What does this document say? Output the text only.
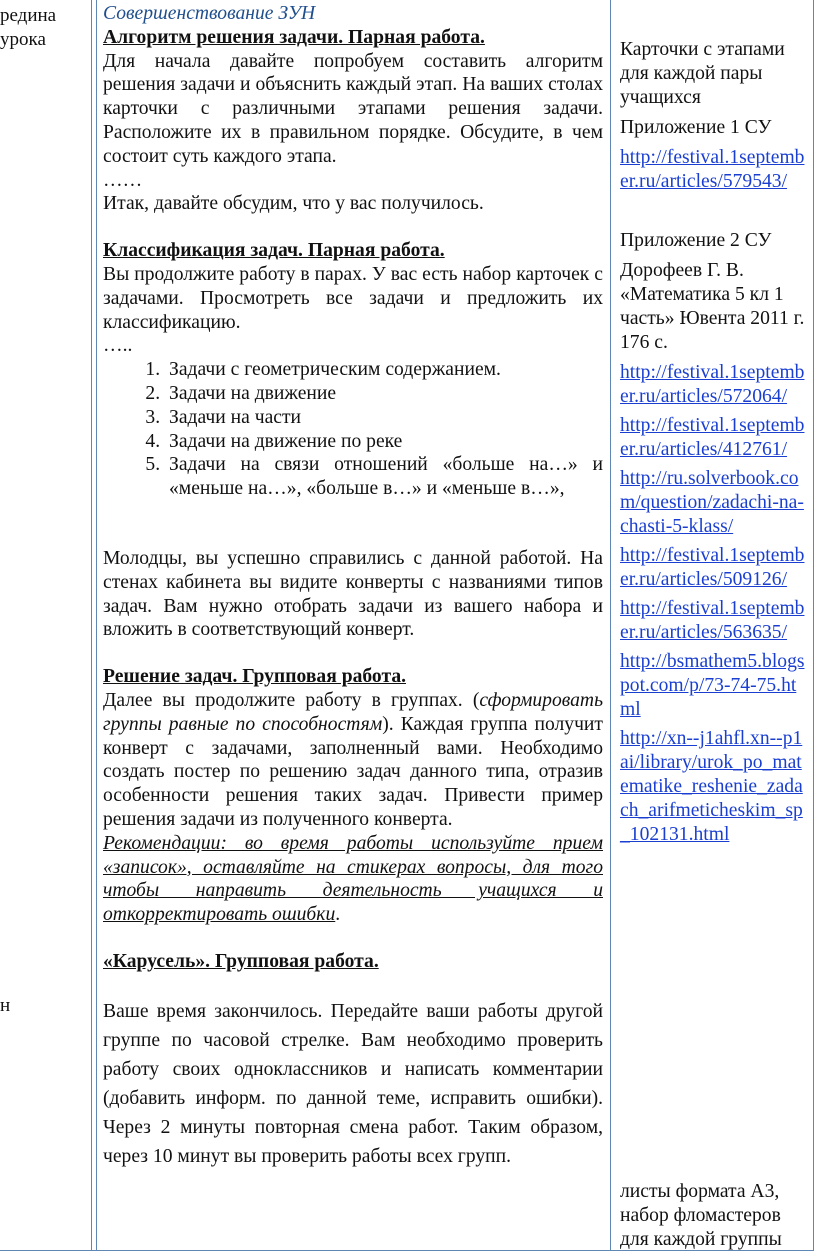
редина
урока
н

Совершенствование ЗУН

Алгоритм решения задачи. Парная работа.

Для начала давайте попробуем составить алгоритм решения задачи и объяснить каждый этап. На ваших столах карточки с различными этапами решения задачи. Расположите их в правильном порядке. Обсудите, в чем состоит суть каждого этапа.

……

Итак, давайте обсудим, что у вас получилось.

Классификация задач. Парная работа.

Вы продолжите работу в парах. У вас есть набор карточек с задачами. Просмотреть все задачи и предложить их классификацию.

…..

1. Задачи с геометрическим содержанием.
2. Задачи на движение
3. Задачи на части
4. Задачи на движение по реке
5. Задачи на связи отношений «больше на…» и «меньше на…», «больше в…» и «меньше в…»,

Молодцы, вы успешно справились с данной работой. На стенах кабинета вы видите конверты с названиями типов задач. Вам нужно отобрать задачи из вашего набора и вложить в соответствующий конверт.

Решение задач. Групповая работа.

Далее вы продолжите работу в группах. (сформировать группы равные по способностям). Каждая группа получит конверт с задачами, заполненный вами. Необходимо создать постер по решению задач данного типа, отразив особенности решения таких задач. Привести пример решения задачи из полученного конверта.

Рекомендации: во время работы используйте прием «записок», оставляйте на стикерах вопросы, для того чтобы направить деятельность учащихся и откорректировать ошибки.

«Карусель». Групповая работа.

Ваше время закончилось. Передайте ваши работы другой группе по часовой стрелке. Вам необходимо проверить работу своих одноклассников и написать комментарии (добавить информ. по данной теме, исправить ошибки). Через 2 минуты повторная смена работ. Таким образом, через 10 минут вы проверить работы всех групп.

Карточки с этапами для каждой пары учащихся

Приложение 1 СУ

http://festival.1september.ru/articles/579543/

Приложение 2 СУ

Дорофеев Г. В. «Математика 5 кл 1 часть» Ювента 2011 г. 176 с.

http://festival.1september.ru/articles/572064/
http://festival.1september.ru/articles/412761/
http://ru.solverbook.com/question/zadachi-na-chasti-5-klass/
http://festival.1september.ru/articles/509126/
http://festival.1september.ru/articles/563635/
http://bsmathem5.blogspot.com/p/73-74-75.html
http://xn--j1ahfl.xn--p1ai/library/urok_po_matematike_reshenie_zadach_arifmetichеskim_sp_102131.html
листы формата А3, набор фломастеров для каждой группы
